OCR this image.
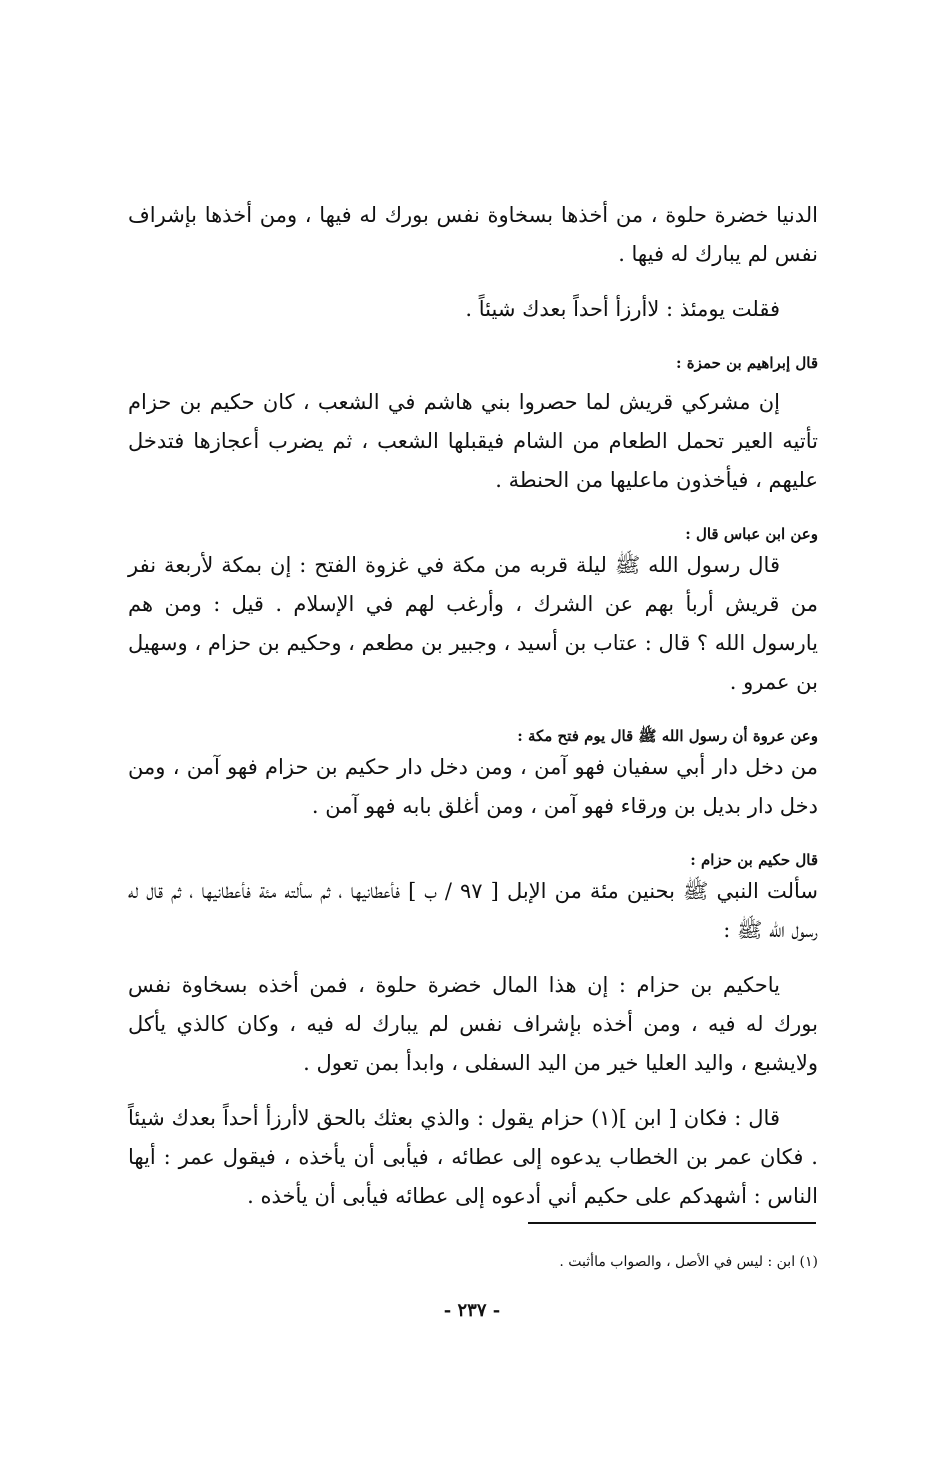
الدنيا خضرة حلوة ، من أخذها بسخاوة نفس بورك له فيها ، ومن أخذها بإشراف نفس لم يبارك له فيها .

فقلت يومئذ : لاأرزأ أحداً بعدك شيئاً .

قال إبراهيم بن حمزة :

إن مشركي قريش لما حصروا بني هاشم في الشعب ، كان حكيم بن حزام تأتيه العير تحمل الطعام من الشام فيقبلها الشعب ، ثم يضرب أعجازها فتدخل عليهم ، فيأخذون ماعليها من الحنطة .

وعن ابن عباس قال :

قال رسول الله ﷺ ليلة قربه من مكة في غزوة الفتح : إن بمكة لأربعة نفر من قريش أربأ بهم عن الشرك ، وأرغب لهم في الإسلام . قيل : ومن هم يارسول الله ؟ قال : عتاب بن أسيد ، وجبير بن مطعم ، وحكيم بن حزام ، وسهيل بن عمرو .

وعن عروة أن رسول الله ﷺ قال يوم فتح مكة :

من دخل دار أبي سفيان فهو آمن ، ومن دخل دار حكيم بن حزام فهو آمن ، ومن دخل دار بديل بن ورقاء فهو آمن ، ومن أغلق بابه فهو آمن .

قال حكيم بن حزام :

سألت النبي ﷺ بحنين مئة من الإبل [ ٩٧ / ب ] فأعطانيها ، ثم سألته مئة فأعطانيها ، ثم قال له رسول الله ﷺ :

ياحكيم بن حزام : إن هذا المال خضرة حلوة ، فمن أخذه بسخاوة نفس بورك له فيه ، ومن أخذه بإشراف نفس لم يبارك له فيه ، وكان كالذي يأكل ولايشبع ، واليد العليا خير من اليد السفلى ، وابدأ بمن تعول .

قال : فكان [ ابن ](١) حزام يقول : والذي بعثك بالحق لاأرزأ أحداً بعدك شيئاً . فكان عمر بن الخطاب يدعوه إلى عطائه ، فيأبى أن يأخذه ، فيقول عمر : أيها الناس : أشهدكم على حكيم أني أدعوه إلى عطائه فيأبى أن يأخذه .

(١) ابن : ليس في الأصل ، والصواب ماأثبت .
- ٢٣٧ -
